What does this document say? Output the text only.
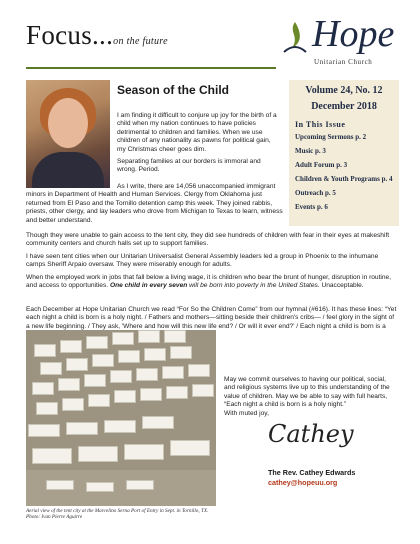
Focus...on the future	Hope
Unitarian Church
Season of the Child

I am finding it difficult to conjure up joy for the birth of a child when my nation continues to have policies detrimental to children and families. When we use children of any nationality as pawns for political gain, my Christmas cheer goes dim.

Separating families at our borders is immoral and wrong. Period.

As I write, there are 14,056 unaccompanied immigrant minors in Department of Health and Human Services. Clergy from Oklahoma just returned from El Paso and the Tornillo detention camp this week. They joined rabbis, priests, other clergy, and lay leaders who drove from Michigan to Texas to learn, witness and better understand.

Though they were unable to gain access to the tent city, they did see hundreds of children with fear in their eyes at makeshift community centers and church halls set up to support families.

I have seen tent cities when our Unitarian Universalist General Assembly leaders led a group in Phoenix to the inhumane camps Sheriff Arpaio oversaw. They were miserably enough for adults.

When the employed work in jobs that fall below a living wage, it is children who bear the brunt of hunger, disruption in routine, and access to opportunities. One child in every seven will be born into poverty in the United States. Unacceptable.

Each December at Hope Unitarian Church we read “For So the Children Come” from our hymnal (#616). It has these lines: “Yet each night a child is born is a holy night. / Fathers and mothers—sitting beside their children's cribs— / feel glory in the sight of a new life beginning. / They ask, 'Where and how will this new life end? / Or will it ever end?' / Each night a child is born is a

May we commit ourselves to having our political, social, and religious systems live up to this understanding of the value of children. May we be able to say with full hearts, “Each night a child is born is a holy night.”
With muted joy,
Cathey
The Rev. Cathey Edwards
cathey@hopeuu.org
Volume 24, No. 12
December 2018
In This Issue
Upcoming Sermons p. 2
Music p. 3
Adult Forum p. 3
Children & Youth Programs p. 4
Outreach p. 5
Events p. 6
Aerial view of the tent city at the Marcelino Serna Port of Entry in Sept. in Tornillo, TX. Photo: Ivan Pierre Aguirre
